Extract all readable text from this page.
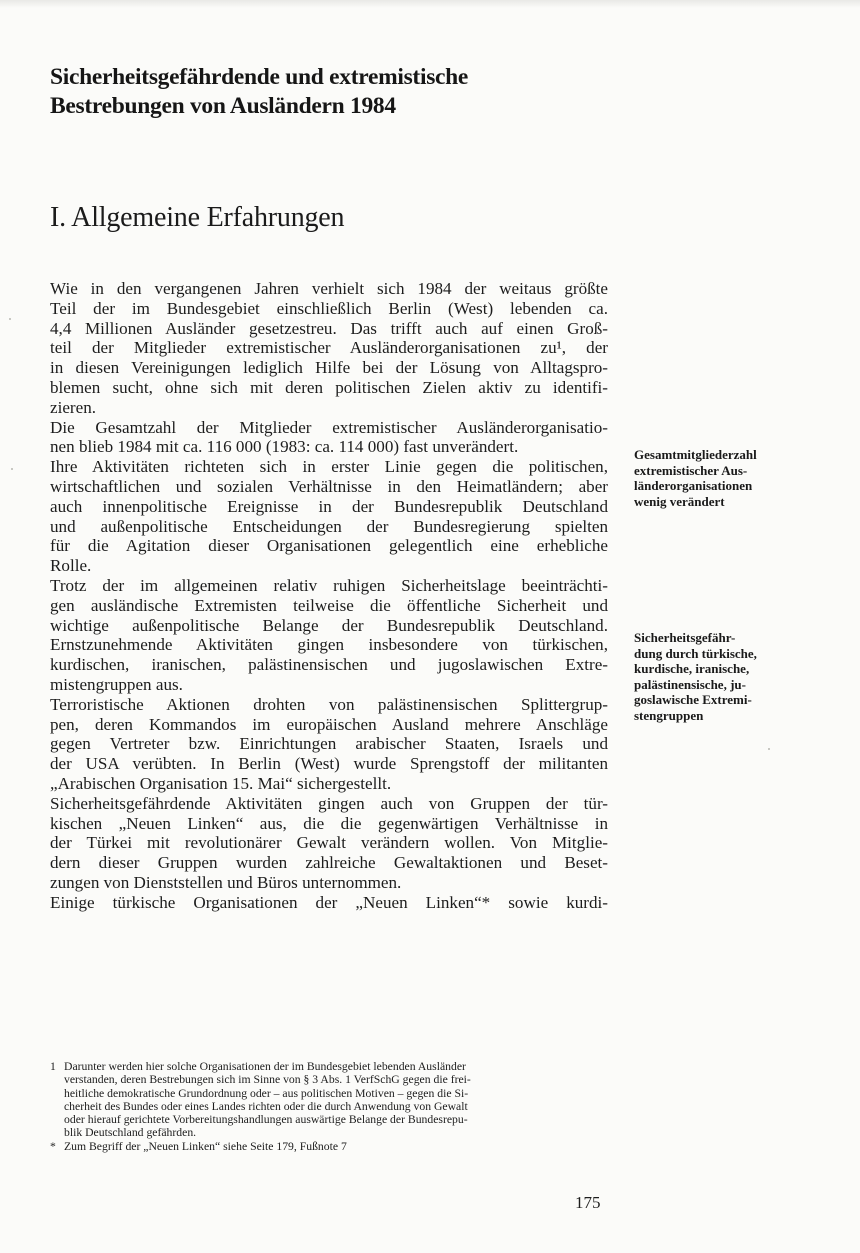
Sicherheitsgefährdende und extremistische
Bestrebungen von Ausländern 1984
I. Allgemeine Erfahrungen
Wie in den vergangenen Jahren verhielt sich 1984 der weitaus größte
Teil der im Bundesgebiet einschließlich Berlin (West) lebenden ca.
4,4 Millionen Ausländer gesetzestreu. Das trifft auch auf einen Groß-
teil der Mitglieder extremistischer Ausländerorganisationen zu¹, der
in diesen Vereinigungen lediglich Hilfe bei der Lösung von Alltagspro-
blemen sucht, ohne sich mit deren politischen Zielen aktiv zu identifi-
zieren.
Die Gesamtzahl der Mitglieder extremistischer Ausländerorganisatio-
nen blieb 1984 mit ca. 116 000 (1983: ca. 114 000) fast unverändert.
Ihre Aktivitäten richteten sich in erster Linie gegen die politischen,
wirtschaftlichen und sozialen Verhältnisse in den Heimatländern; aber
auch innenpolitische Ereignisse in der Bundesrepublik Deutschland
und außenpolitische Entscheidungen der Bundesregierung spielten
für die Agitation dieser Organisationen gelegentlich eine erhebliche
Rolle.
Trotz der im allgemeinen relativ ruhigen Sicherheitslage beeinträchti-
gen ausländische Extremisten teilweise die öffentliche Sicherheit und
wichtige außenpolitische Belange der Bundesrepublik Deutschland.
Ernstzunehmende Aktivitäten gingen insbesondere von türkischen,
kurdischen, iranischen, palästinensischen und jugoslawischen Extre-
mistengruppen aus.
Terroristische Aktionen drohten von palästinensischen Splittergrup-
pen, deren Kommandos im europäischen Ausland mehrere Anschläge
gegen Vertreter bzw. Einrichtungen arabischer Staaten, Israels und
der USA verübten. In Berlin (West) wurde Sprengstoff der militanten
„Arabischen Organisation 15. Mai“ sichergestellt.
Sicherheitsgefährdende Aktivitäten gingen auch von Gruppen der tür-
kischen „Neuen Linken“ aus, die die gegenwärtigen Verhältnisse in
der Türkei mit revolutionärer Gewalt verändern wollen. Von Mitglie-
dern dieser Gruppen wurden zahlreiche Gewaltaktionen und Beset-
zungen von Dienststellen und Büros unternommen.
Einige türkische Organisationen der „Neuen Linken“* sowie kurdi-
Gesamtmitgliederzahl
extremistischer Aus-
länderorganisationen
wenig verändert
Sicherheitsgefähr-
dung durch türkische,
kurdische, iranische,
palästinensische, ju-
goslawische Extremi-
stengruppen
1 Darunter werden hier solche Organisationen der im Bundesgebiet lebenden Ausländer
verstanden, deren Bestrebungen sich im Sinne von § 3 Abs. 1 VerfSchG gegen die frei-
heitliche demokratische Grundordnung oder – aus politischen Motiven – gegen die Si-
cherheit des Bundes oder eines Landes richten oder die durch Anwendung von Gewalt
oder hierauf gerichtete Vorbereitungshandlungen auswärtige Belange der Bundesrepu-
blik Deutschland gefährden.
* Zum Begriff der „Neuen Linken“ siehe Seite 179, Fußnote 7
175
